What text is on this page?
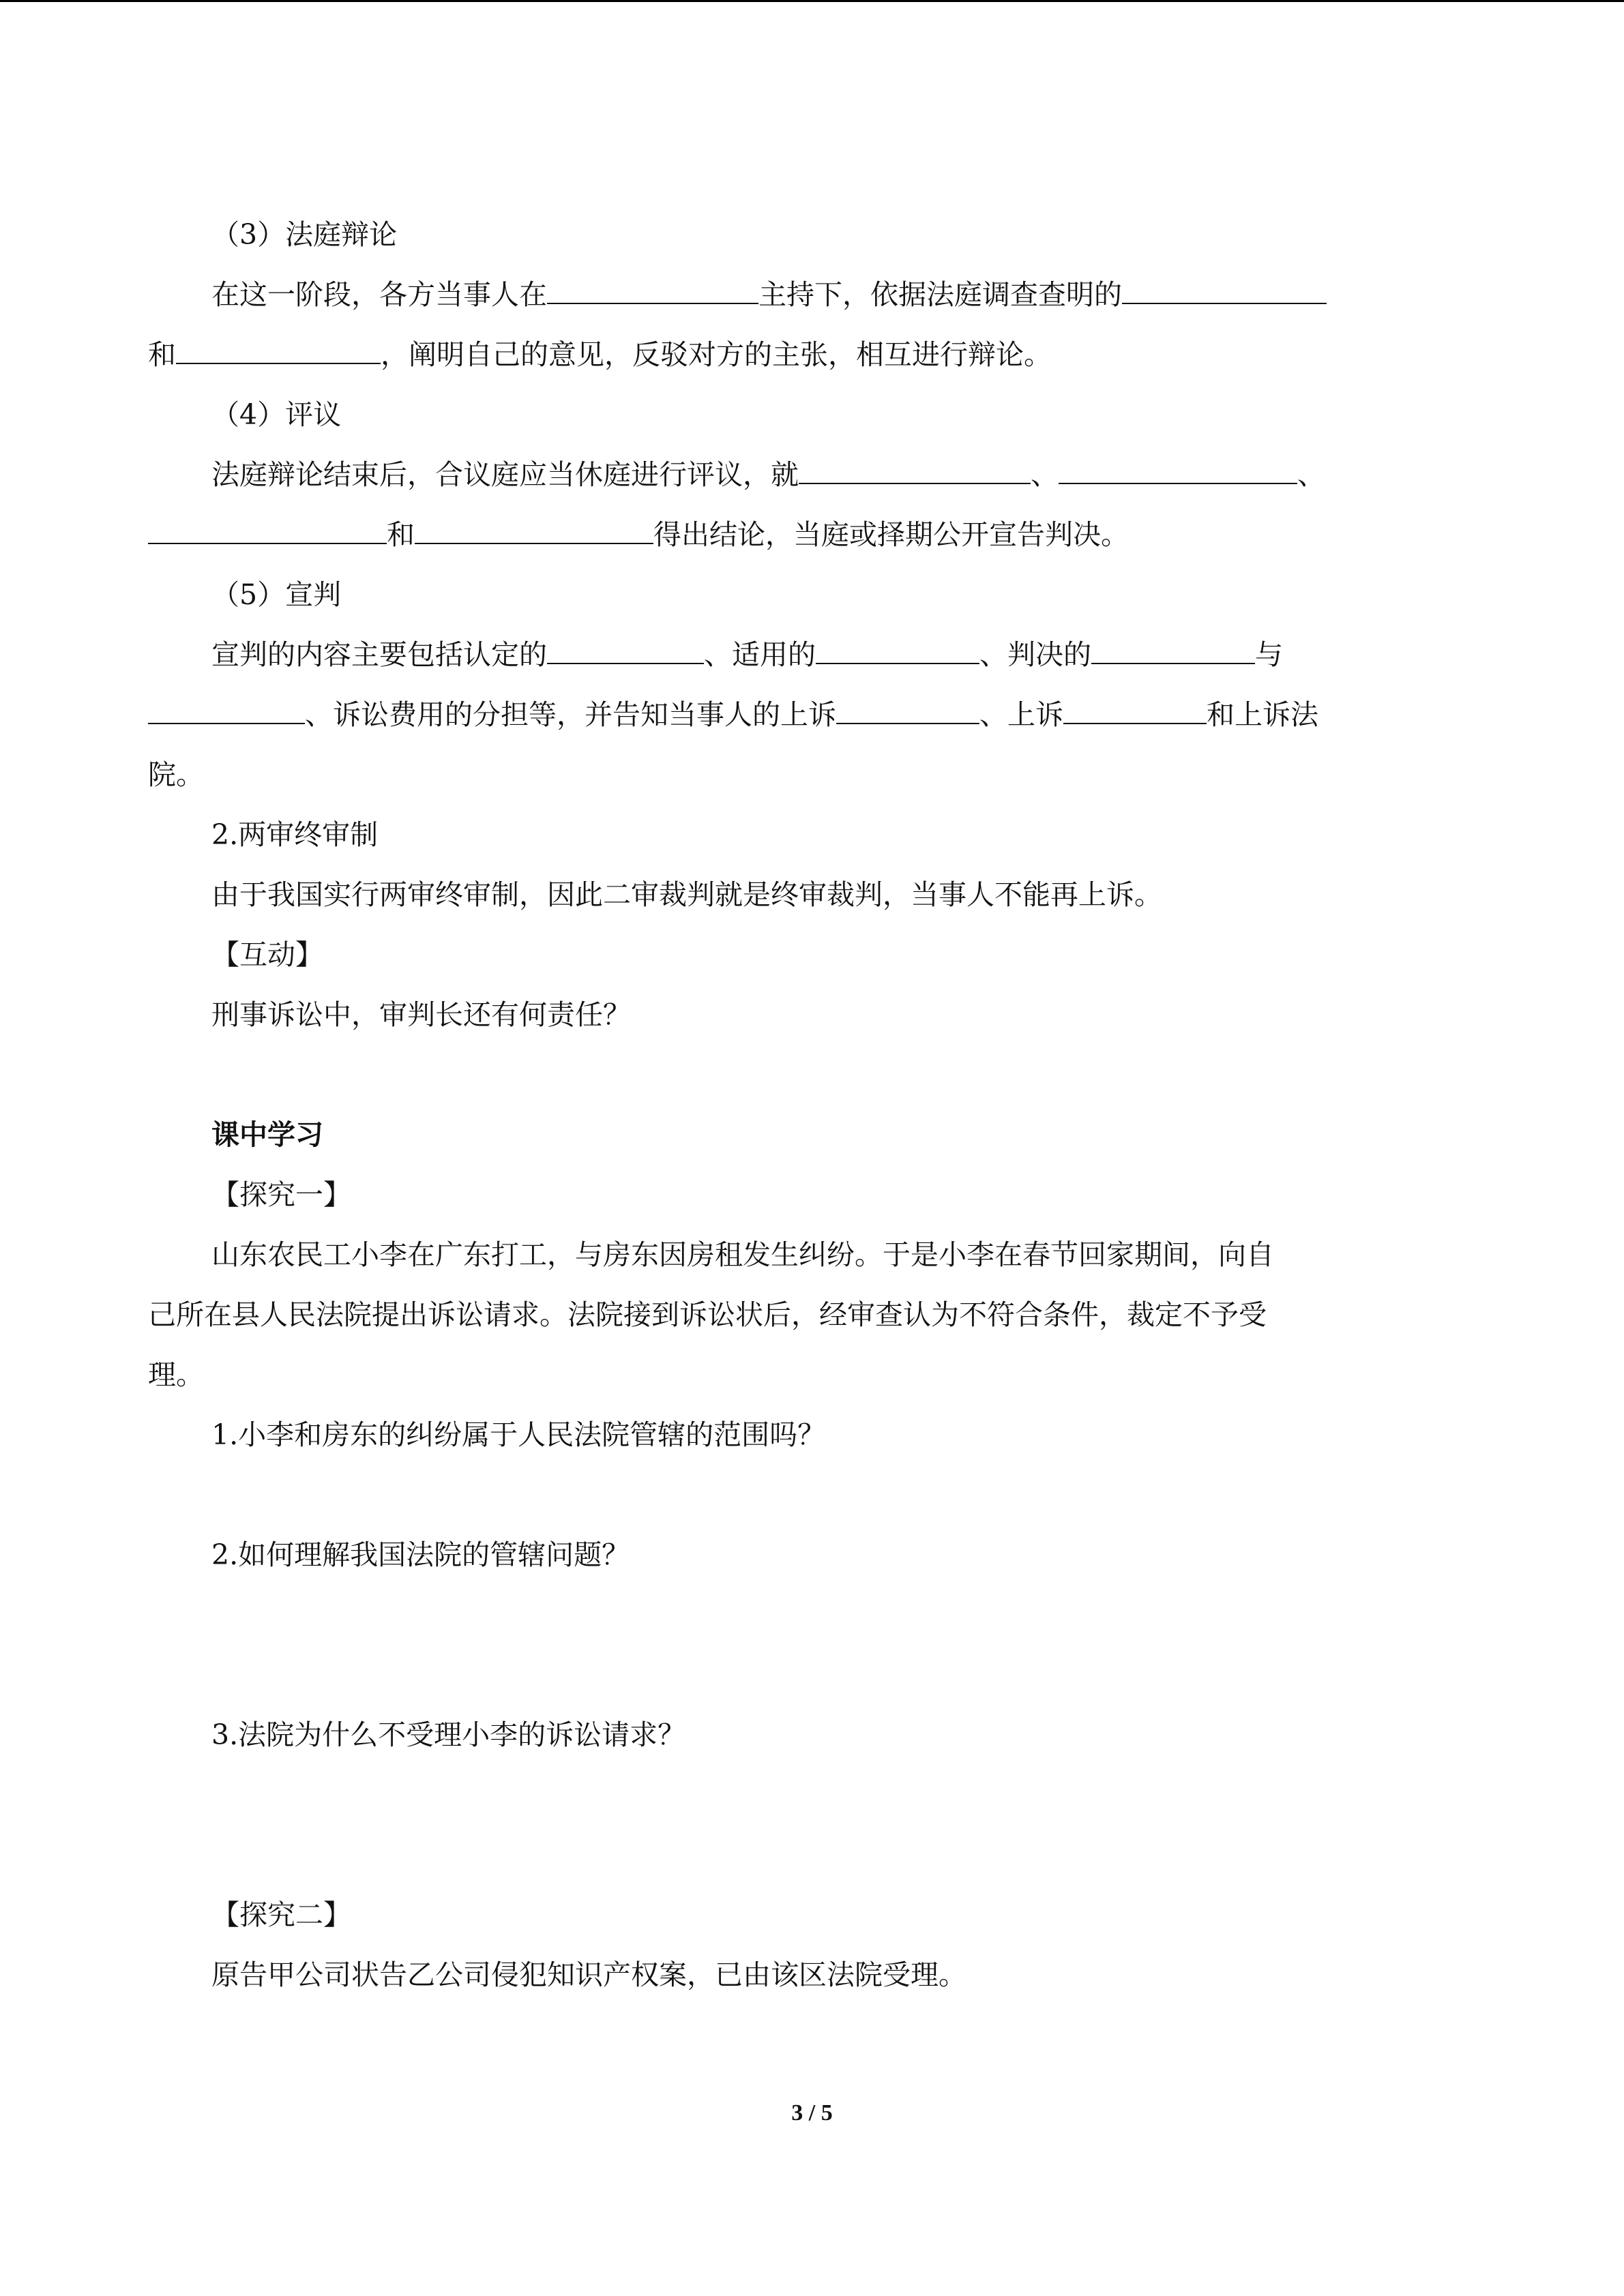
（3）法庭辩论

在这一阶段，各方当事人在	主持下，依据法庭调查查明的

和	，阐明自己的意见，反驳对方的主张，相互进行辩论。

（4）评议

法庭辩论结束后，合议庭应当休庭进行评议，就	、	、

和	得出结论，当庭或择期公开宣告判决。

（5）宣判

宣判的内容主要包括认定的	、适用的	、判决的	与

、诉讼费用的分担等，并告知当事人的上诉	、上诉	和上诉法

院。

2.两审终审制

由于我国实行两审终审制，因此二审裁判就是终审裁判，当事人不能再上诉。

【互动】

刑事诉讼中，审判长还有何责任？

课中学习

【探究一】

山东农民工小李在广东打工，与房东因房租发生纠纷。于是小李在春节回家期间，向自

己所在县人民法院提出诉讼请求。法院接到诉讼状后，经审查认为不符合条件，裁定不予受

理。

1.小李和房东的纠纷属于人民法院管辖的范围吗？

2.如何理解我国法院的管辖问题？

3.法院为什么不受理小李的诉讼请求？

【探究二】

原告甲公司状告乙公司侵犯知识产权案，已由该区法院受理。

3 / 5
